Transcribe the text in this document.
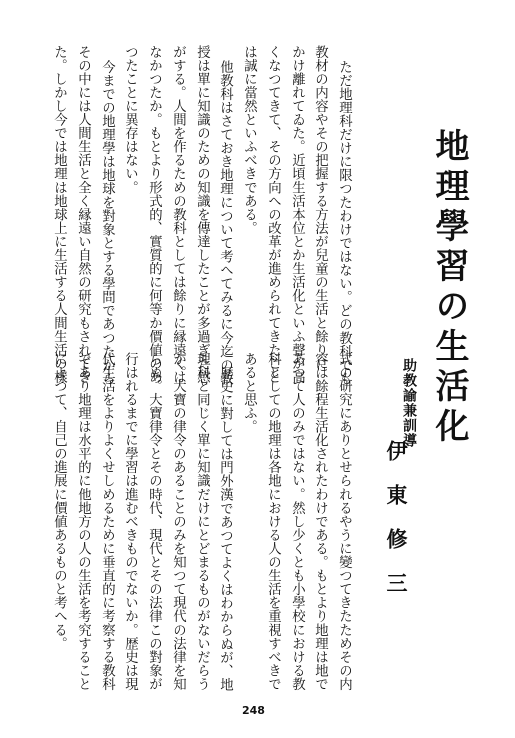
地理學習の生活化
助教諭兼訓導
伊東修三
ただ地理科だけに限つたわけではない。どの教科でも
教材の内容やその把握する方法が兒童の生活と餘りに
かけ離れてゐた。近頃生活本位とか生活化といふ聲が高
くなつてきて、その方向への改革が進められてきたこと
は誠に當然といふべきである。
他教科はさておき地理について考へてみるに今迄の教
授は單に知識のための知識を傳達したことが多過ぎた感
がする。人間を作るための教科としては餘りに縁遠くは
なかつたか。もとより形式的、實質的に何等か價値のあ
つたことに異存はない。
今までの地理學は地球を對象とする學問であつたから
その中には人間生活と全く縁遠い自然の研究もされてき
た。しかし今では地理は地球上に生活する人間生活の樣
式の研究にありとせられるやうに變つてきたためその内
容は餘程生活化されたわけである。もとより地理は地で
あつて人のみではない。然し少くとも小學校における教
科としての地理は各地における人の生活を重視すべきで
あると思ふ。
歴史に對しては門外漢であつてよくはわからぬが、地
理科と同じく單に知識だけにとどまるものがないだらう
か。大寶の律令のあることのみを知つて現代の法律を知
らぬ。大寶律令とその時代、現代とその法律この對象が
行はれるまでに學習は進むべきものでないか。歴史は現
代生活をよりよくせしめるために垂直的に考察する教科
であり地理は水平的に他地方の人の生活を考究すること
によつて、自己の進展に價値あるものと考へる。
248
